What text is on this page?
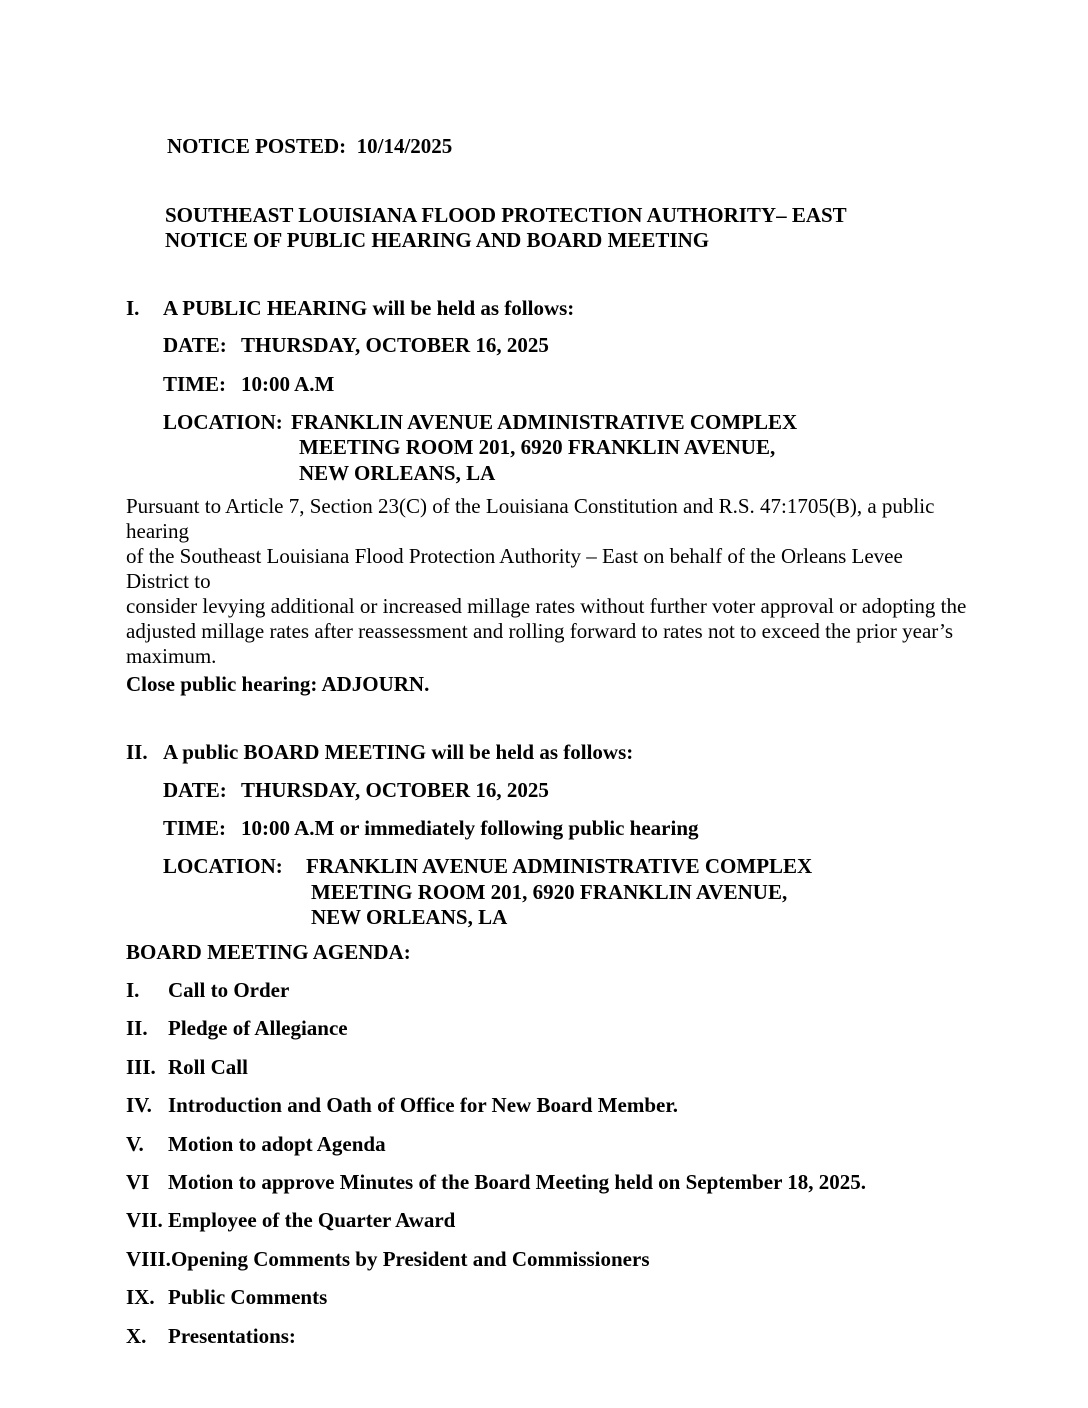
NOTICE POSTED:  10/14/2025
SOUTHEAST LOUISIANA FLOOD PROTECTION AUTHORITY– EAST
NOTICE OF PUBLIC HEARING AND BOARD MEETING
I.	A PUBLIC HEARING will be held as follows:
DATE: THURSDAY, OCTOBER 16, 2025
TIME: 10:00 A.M
LOCATION: FRANKLIN AVENUE ADMINISTRATIVE COMPLEX
MEETING ROOM 201, 6920 FRANKLIN AVENUE,
NEW ORLEANS, LA
Pursuant to Article 7, Section 23(C) of the Louisiana Constitution and R.S. 47:1705(B), a public hearing
of the Southeast Louisiana Flood Protection Authority – East on behalf of the Orleans Levee District to
consider levying additional or increased millage rates without further voter approval or adopting the
adjusted millage rates after reassessment and rolling forward to rates not to exceed the prior year’s
maximum.
Close public hearing: ADJOURN.
II. A public BOARD MEETING will be held as follows:
DATE: THURSDAY, OCTOBER 16, 2025
TIME: 10:00 A.M or immediately following public hearing
LOCATION:	FRANKLIN AVENUE ADMINISTRATIVE COMPLEX
MEETING ROOM 201, 6920 FRANKLIN AVENUE,
NEW ORLEANS, LA
BOARD MEETING AGENDA:
I.	Call to Order
II. Pledge of Allegiance
III. Roll Call
IV. Introduction and Oath of Office for New Board Member.
V.	Motion to adopt Agenda
VI Motion to approve Minutes of the Board Meeting held on September 18, 2025.
VII. Employee of the Quarter Award
VIII. Opening Comments by President and Commissioners
IX. Public Comments
X.	Presentations:
